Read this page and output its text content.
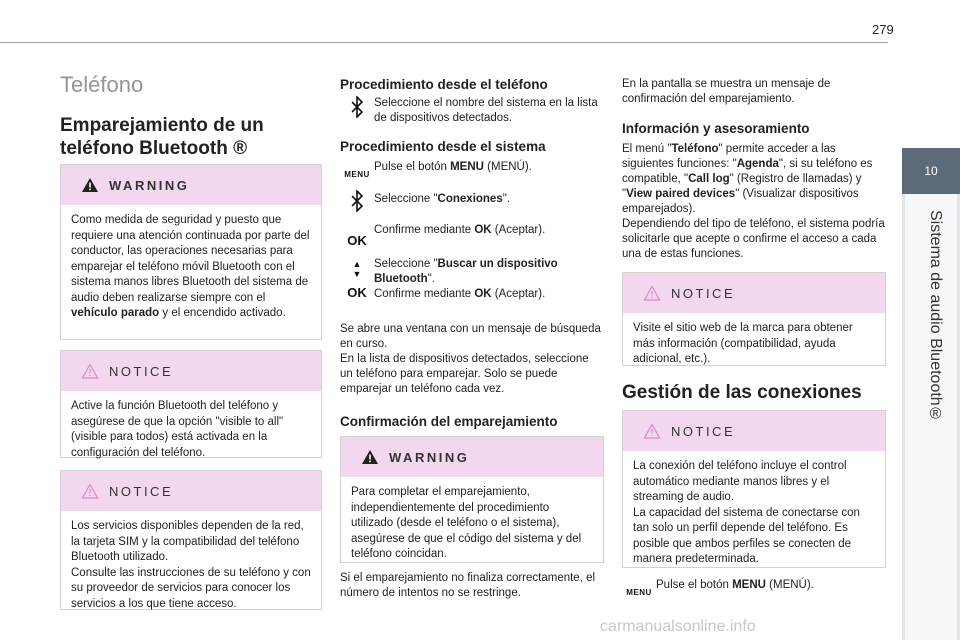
279
10
Sistema de audio Bluetooth®
Teléfono
Emparejamiento de un teléfono Bluetooth ®
WARNING
Como medida de seguridad y puesto que requiere una atención continuada por parte del conductor, las operaciones necesarias para emparejar el teléfono móvil Bluetooth con el sistema manos libres Bluetooth del sistema de audio deben realizarse siempre con el vehículo parado y el encendido activado.
NOTICE
Active la función Bluetooth del teléfono y asegúrese de que la opción "visible to all" (visible para todos) está activada en la configuración del teléfono.
NOTICE
Los servicios disponibles dependen de la red, la tarjeta SIM y la compatibilidad del teléfono Bluetooth utilizado.
Consulte las instrucciones de su teléfono y con su proveedor de servicios para conocer los servicios a los que tiene acceso.
Procedimiento desde el teléfono
Seleccione el nombre del sistema en la lista de dispositivos detectados.
Procedimiento desde el sistema
MENU
Pulse el botón MENU (MENÚ).
Seleccione "Conexiones".
OK
Confirme mediante OK (Aceptar).
▲
▼
OK
Seleccione "Buscar un dispositivo Bluetooth".
Confirme mediante OK (Aceptar).
Se abre una ventana con un mensaje de búsqueda en curso.
En la lista de dispositivos detectados, seleccione un teléfono para emparejar. Solo se puede emparejar un teléfono cada vez.
Confirmación del emparejamiento
WARNING
Para completar el emparejamiento, independientemente del procedimiento utilizado (desde el teléfono o el sistema), asegúrese de que el código del sistema y del teléfono coincidan.
Si el emparejamiento no finaliza correctamente, el número de intentos no se restringe.
En la pantalla se muestra un mensaje de confirmación del emparejamiento.
Información y asesoramiento
El menú "Teléfono" permite acceder a las siguientes funciones: "Agenda", si su teléfono es compatible, "Call log" (Registro de llamadas) y "View paired devices" (Visualizar dispositivos emparejados).
Dependiendo del tipo de teléfono, el sistema podría solicitarle que acepte o confirme el acceso a cada una de estas funciones.
NOTICE
Visite el sitio web de la marca para obtener más información (compatibilidad, ayuda adicional, etc.).
Gestión de las conexiones
NOTICE
La conexión del teléfono incluye el control automático mediante manos libres y el streaming de audio.
La capacidad del sistema de conectarse con tan solo un perfil depende del teléfono. Es posible que ambos perfiles se conecten de manera predeterminada.
MENU
Pulse el botón MENU (MENÚ).
carmanualsonline.info
